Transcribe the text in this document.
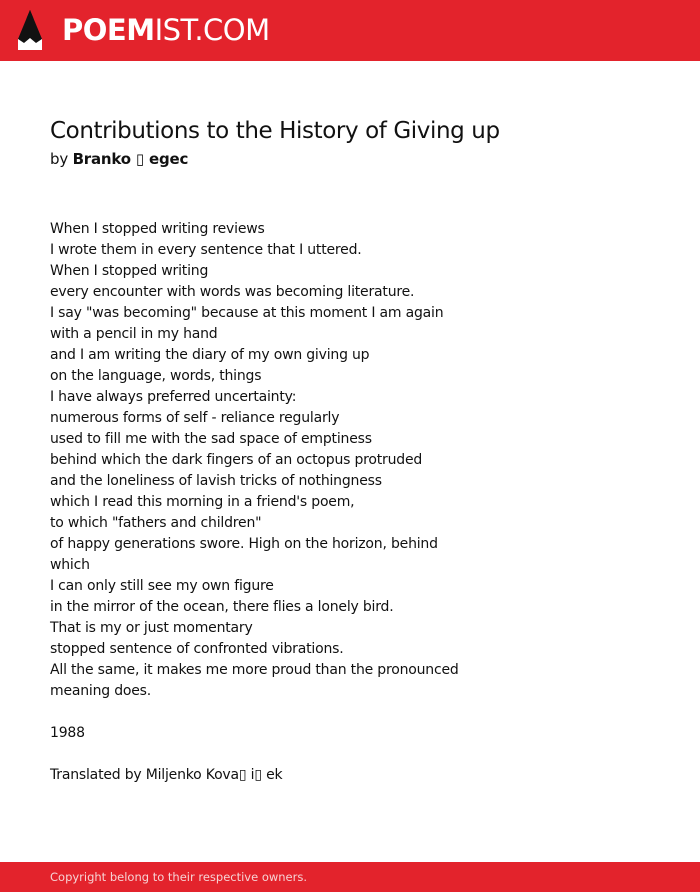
POEMIST.COM
Contributions to the History of Giving up
by Branko ▯ egec
When I stopped writing reviews
I wrote them in every sentence that I uttered.
When I stopped writing
every encounter with words was becoming literature.
I say "was becoming" because at this moment I am again
with a pencil in my hand
and I am writing the diary of my own giving up
on the language, words, things
I have always preferred uncertainty:
numerous forms of self - reliance regularly
used to fill me with the sad space of emptiness
behind which the dark fingers of an octopus protruded
and the loneliness of lavish tricks of nothingness
which I read this morning in a friend's poem,
to which "fathers and children"
of happy generations swore. High on the horizon, behind
which
I can only still see my own figure
in the mirror of the ocean, there flies a lonely bird.
That is my or just momentary
stopped sentence of confronted vibrations.
All the same, it makes me more proud than the pronounced
meaning does.
1988
Translated by Miljenko Kova▯ i▯ ek
Copyright belong to their respective owners.
